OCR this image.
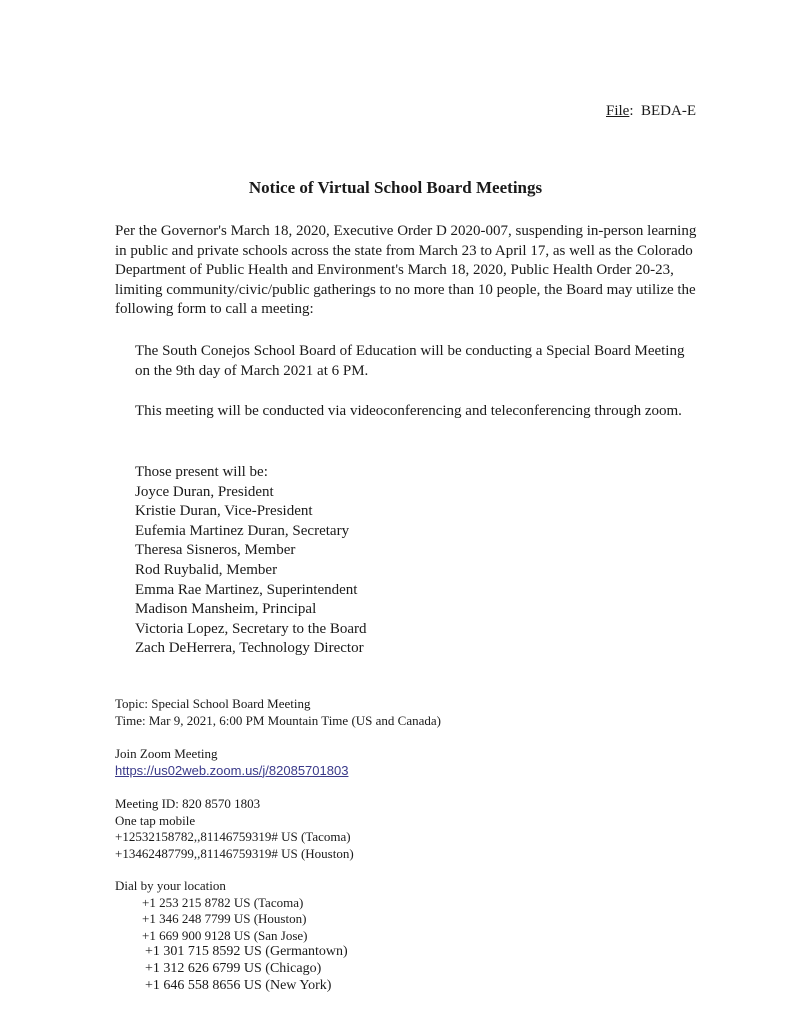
File:  BEDA-E
Notice of Virtual School Board Meetings
Per the Governor's March 18, 2020, Executive Order D 2020-007, suspending in-person learning in public and private schools across the state from March 23 to April 17, as well as the Colorado Department of Public Health and Environment's March 18, 2020, Public Health Order 20-23, limiting community/civic/public gatherings to no more than 10 people, the Board may utilize the following form to call a meeting:
The South Conejos School Board of Education will be conducting a Special Board Meeting on the 9th day of March 2021 at 6 PM.
This meeting will be conducted via videoconferencing and teleconferencing through zoom.
Those present will be:
Joyce Duran, President
Kristie Duran, Vice-President
Eufemia Martinez Duran, Secretary
Theresa Sisneros, Member
Rod Ruybalid, Member
Emma Rae Martinez, Superintendent
Madison Mansheim, Principal
Victoria Lopez, Secretary to the Board
Zach DeHerrera, Technology Director
Topic: Special School Board Meeting
Time: Mar 9, 2021, 6:00 PM Mountain Time (US and Canada)
Join Zoom Meeting
https://us02web.zoom.us/j/82085701803
Meeting ID: 820 8570 1803
One tap mobile
+12532158782,,81146759319# US (Tacoma)
+13462487799,,81146759319# US (Houston)
Dial by your location
+1 253 215 8782 US (Tacoma)
+1 346 248 7799 US (Houston)
+1 669 900 9128 US (San Jose)
+1 301 715 8592 US (Germantown)
+1 312 626 6799 US (Chicago)
+1 646 558 8656 US (New York)
